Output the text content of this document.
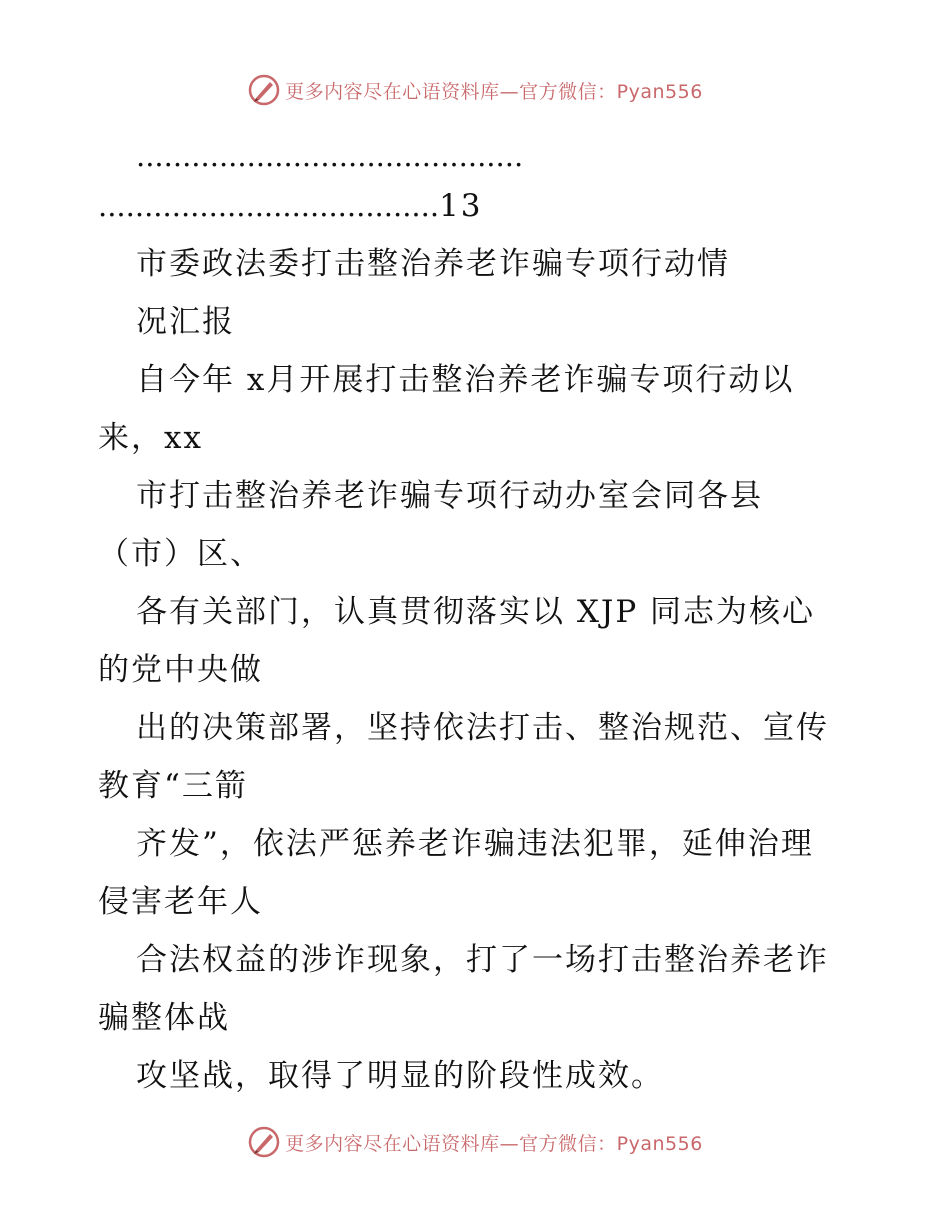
更多内容尽在心语资料库—官方微信：Pyan556
..........................................
.....................................13
市委政法委打击整治养老诈骗专项行动情
况汇报
自今年 x月开展打击整治养老诈骗专项行动以
来，xx
市打击整治养老诈骗专项行动办室会同各县
（市）区、
各有关部门，认真贯彻落实以 XJP 同志为核心
的党中央做
出的决策部署，坚持依法打击、整治规范、宣传
教育“三箭
齐发”，依法严惩养老诈骗违法犯罪，延伸治理
侵害老年人
合法权益的涉诈现象，打了一场打击整治养老诈
骗整体战
攻坚战，取得了明显的阶段性成效。
更多内容尽在心语资料库—官方微信：Pyan556
